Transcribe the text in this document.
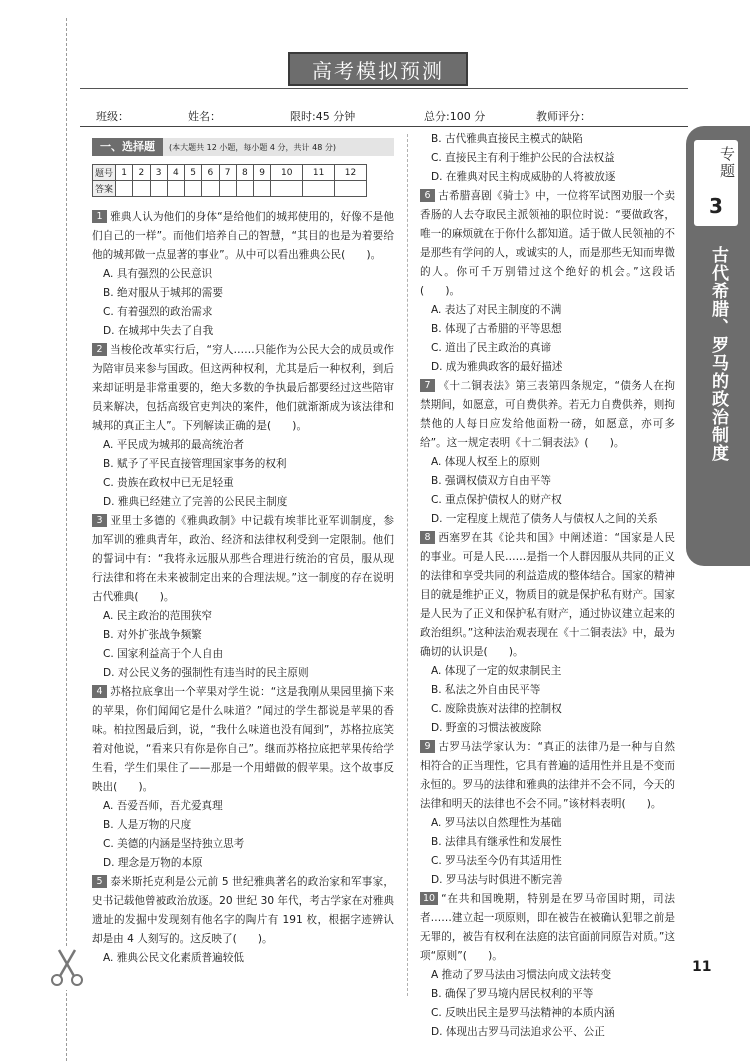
高考模拟预测
班级：	姓名：	限时:45 分钟	总分:100 分	教师评分：
一、选择题	(本大题共 12 小题，每小题 4 分，共计 48 分)
题号	1	2	3	4	5	6	7	8	9	10	11	12
答案												
1 雅典人认为他们的身体“是给他们的城邦使用的，好像不是他们自己的一样”。而他们培养自己的智慧，“其目的也是为着要给他的城邦做一点显著的事业”。从中可以看出雅典公民(　　)。
A. 具有强烈的公民意识
B. 绝对服从于城邦的需要
C. 有着强烈的政治需求
D. 在城邦中失去了自我
2 当梭伦改革实行后，“穷人……只能作为公民大会的成员或作为陪审员来参与国政。但这两种权利，尤其是后一种权利，到后来却证明是非常重要的，绝大多数的争执最后都要经过这些陪审员来解决，包括高级官吏判决的案件，他们就渐渐成为该法律和城邦的真正主人”。下列解读正确的是(　　)。
A. 平民成为城邦的最高统治者
B. 赋予了平民直接管理国家事务的权利
C. 贵族在政权中已无足轻重
D. 雅典已经建立了完善的公民民主制度
3 亚里士多德的《雅典政制》中记载有埃菲比亚军训制度，参加军训的雅典青年，政治、经济和法律权利受到一定限制。他们的誓词中有：“我将永远服从那些合理进行统治的官员，服从现行法律和将在未来被制定出来的合理法规。”这一制度的存在说明古代雅典(　　)。
A. 民主政治的范围狭窄
B. 对外扩张战争频繁
C. 国家利益高于个人自由
D. 对公民义务的强制性有违当时的民主原则
4 苏格拉底拿出一个苹果对学生说：“这是我刚从果园里摘下来的苹果，你们闻闻它是什么味道？”闻过的学生都说是苹果的香味。柏拉图最后到，说，“我什么味道也没有闻到”，苏格拉底笑着对他说，“看来只有你是你自己”。继而苏格拉底把苹果传给学生看，学生们果住了——那是一个用蜡做的假苹果。这个故事反映出(　　)。
A. 吾爱吾师，吾尤爱真理
B. 人是万物的尺度
C. 美德的内涵是坚持独立思考
D. 理念是万物的本原
5 泰米斯托克利是公元前 5 世纪雅典著名的政治家和军事家，史书记载他曾被政治放逐。20 世纪 30 年代，考古学家在对雅典遗址的发掘中发现刻有他名字的陶片有 191 枚，根据字迹辨认却是由 4 人刻写的。这反映了(　　)。
A. 雅典公民文化素质普遍较低
B. 古代雅典直接民主模式的缺陷
C. 直接民主有利于维护公民的合法权益
D. 在雅典对民主构成威胁的人将被放逐
6 古希腊喜剧《骑士》中，一位将军试图劝服一个卖香肠的人去夺取民主派领袖的职位时说：“要做政客，唯一的麻烦就在于你什么都知道。适于做人民领袖的不是那些有学问的人，或诚实的人，而是那些无知而卑微的人。你可千万别错过这个绝好的机会。”这段话(　　)。
A. 表达了对民主制度的不满
B. 体现了古希腊的平等思想
C. 道出了民主政治的真谛
D. 成为雅典政客的最好描述
7 《十二铜表法》第三表第四条规定，“债务人在拘禁期间，如愿意，可自费供养。若无力自费供养，则拘禁他的人每日应发给他面粉一磅，如愿意，亦可多给”。这一规定表明《十二铜表法》(　　)。
A. 体现人权至上的原则
B. 强调权债双方自由平等
C. 重点保护债权人的财产权
D. 一定程度上规范了债务人与债权人之间的关系
8 西塞罗在其《论共和国》中阐述道：“国家是人民的事业。可是人民……是指一个人群因服从共同的正义的法律和享受共同的利益造成的整体结合。国家的精神目的就是维护正义，物质目的就是保护私有财产。国家是人民为了正义和保护私有财产，通过协议建立起来的政治组织。”这种法治观表现在《十二铜表法》中，最为确切的认识是(　　)。
A. 体现了一定的奴隶制民主
B. 私法之外自由民平等
C. 废除贵族对法律的控制权
D. 野蛮的习惯法被废除
9 古罗马法学家认为：“真正的法律乃是一种与自然相符合的正当理性，它具有普遍的适用性并且是不变而永恒的。罗马的法律和雅典的法律并不会不同，今天的法律和明天的法律也不会不同。”该材料表明(　　)。
A. 罗马法以自然理性为基础
B. 法律具有继承性和发展性
C. 罗马法至今仍有其适用性
D. 罗马法与时俱进不断完善
10 “在共和国晚期，特别是在罗马帝国时期，司法者……建立起一项原则，即在被告在被确认犯罪之前是无罪的，被告有权利在法庭的法官面前同原告对质。”这项“原则”(　　)。
A 推动了罗马法由习惯法向成文法转变
B. 确保了罗马境内居民权利的平等
C. 反映出民主是罗马法精神的本质内涵
D. 体现出古罗马司法追求公平、公正
专题
3
古代希腊、罗马的政治制度
11
